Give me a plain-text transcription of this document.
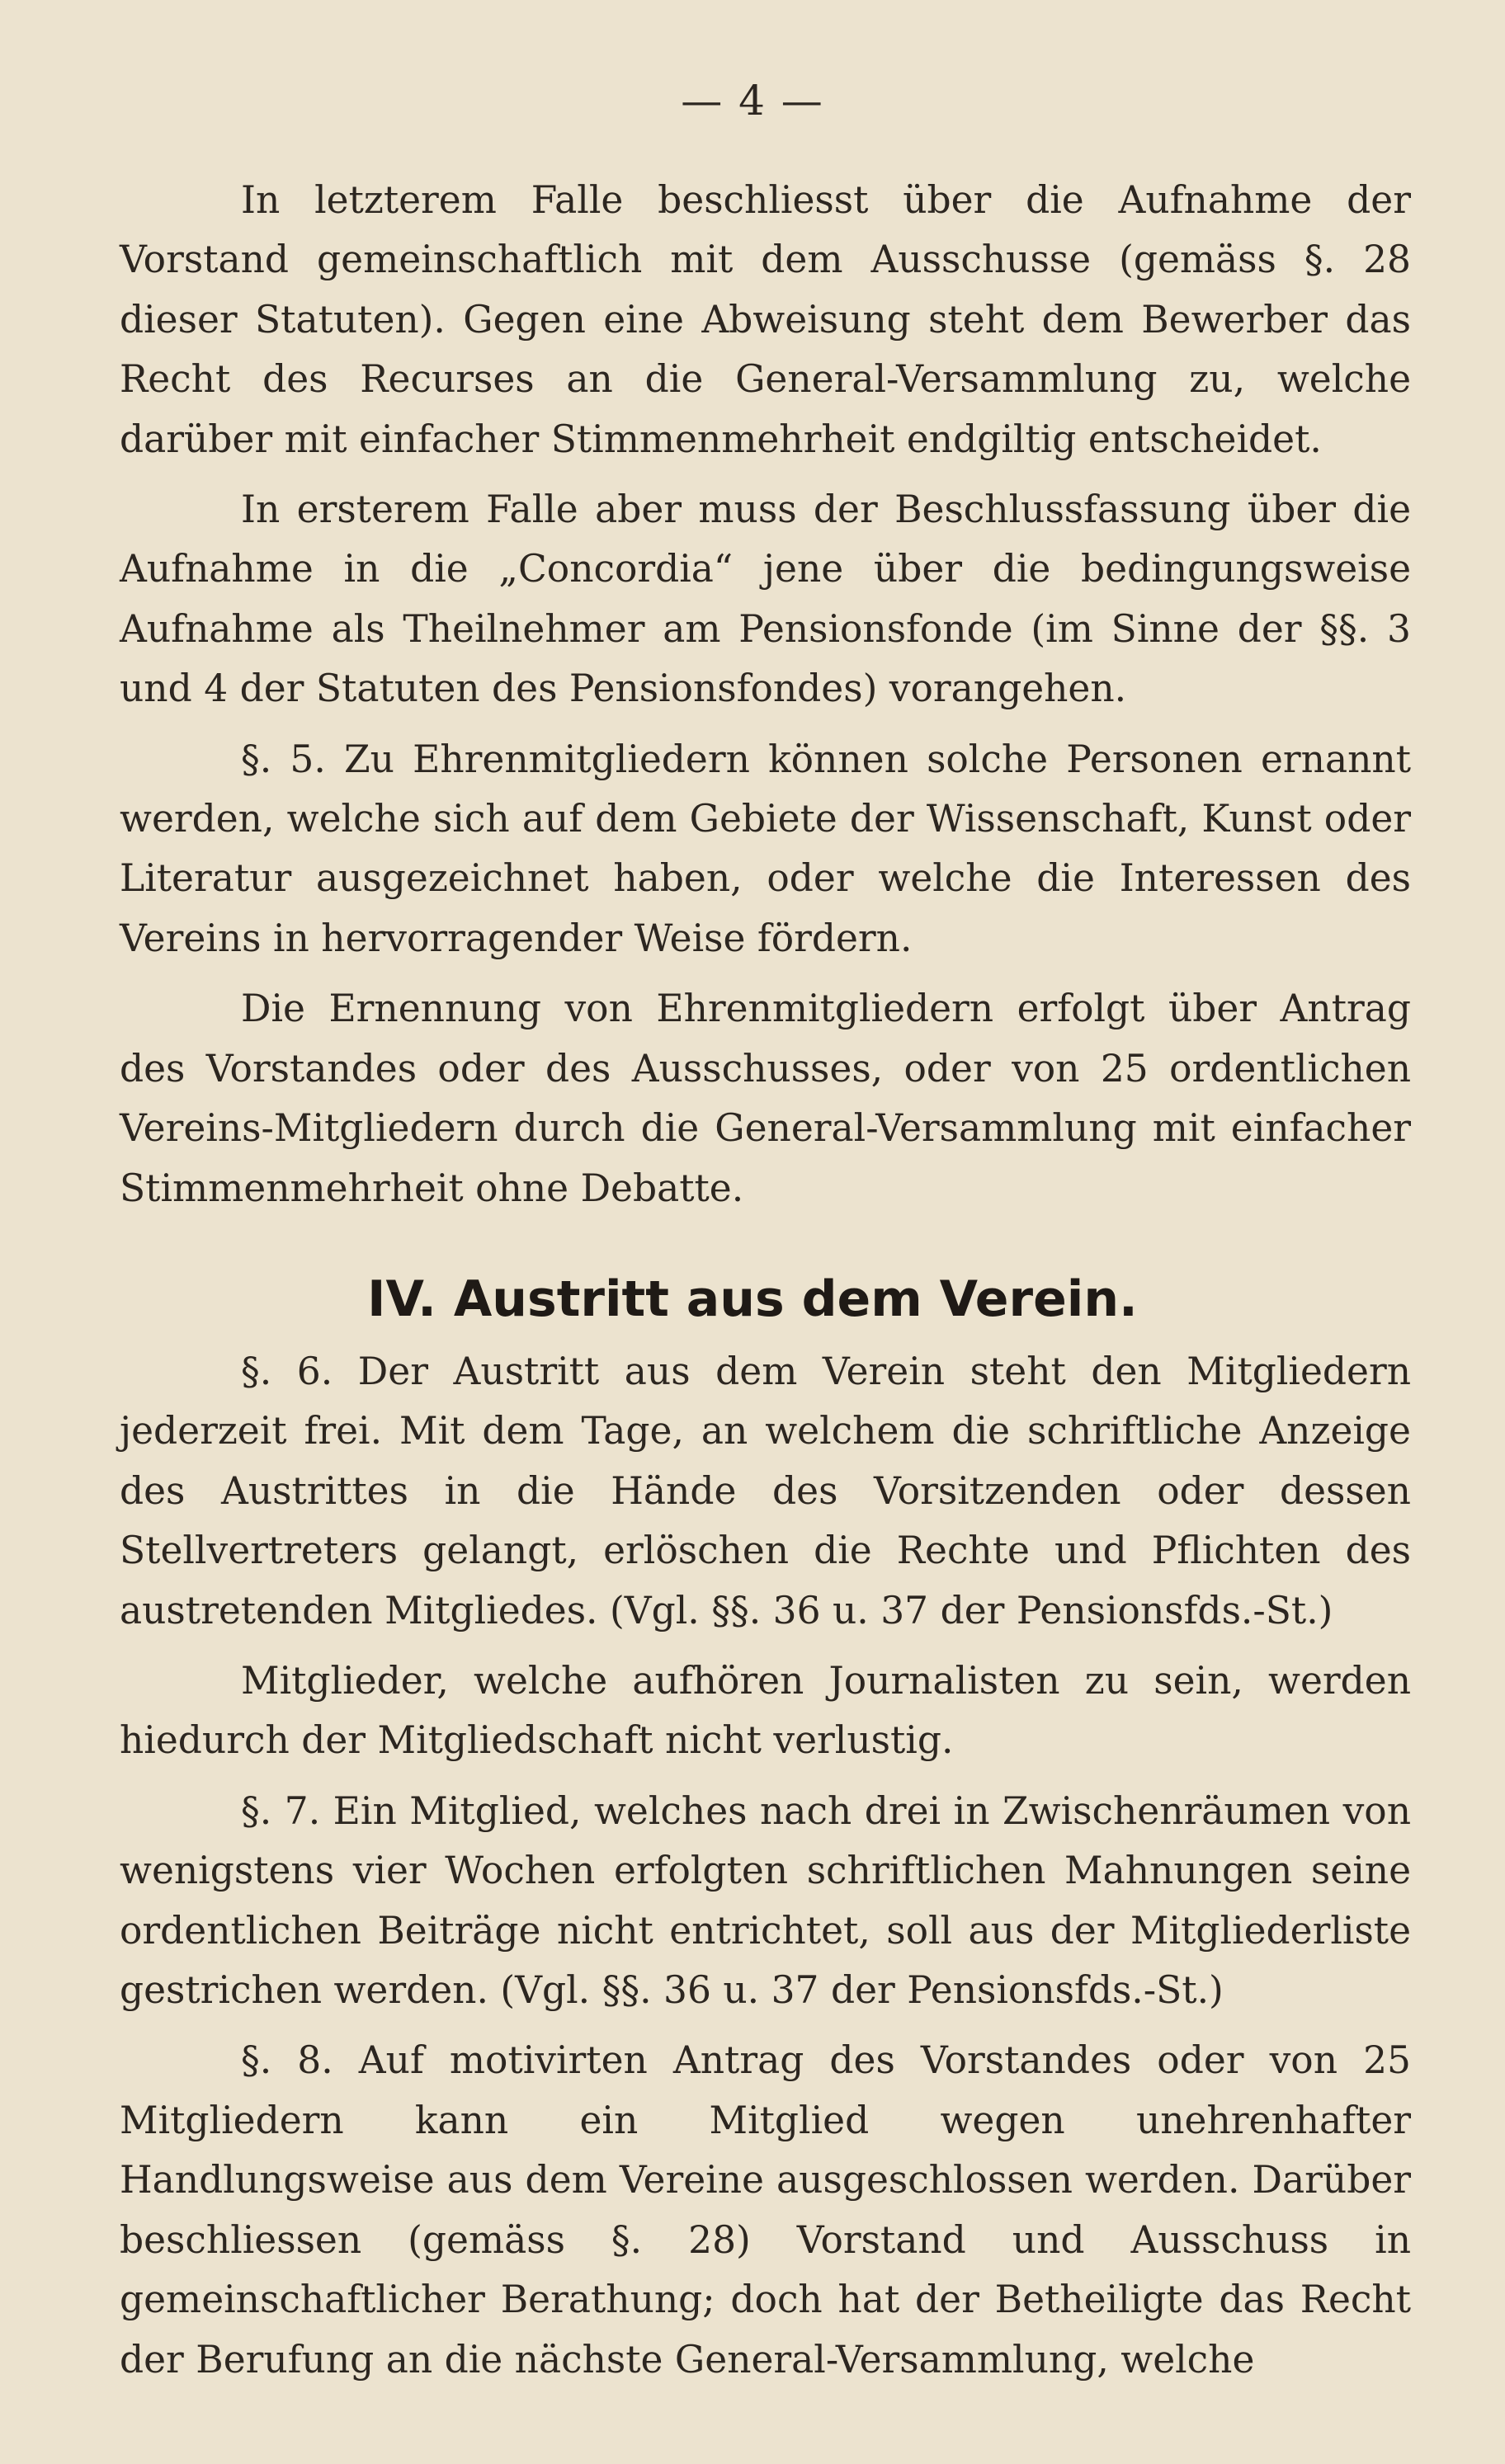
— 4 —

In letzterem Falle beschliesst über die Aufnahme der Vorstand gemeinschaftlich mit dem Ausschusse (gemäss §. 28 dieser Statuten). Gegen eine Abweisung steht dem Bewerber das Recht des Recurses an die General-Versammlung zu, welche darüber mit einfacher Stimmenmehrheit endgiltig entscheidet.

In ersterem Falle aber muss der Beschlussfassung über die Aufnahme in die „Concordia“ jene über die bedingungsweise Aufnahme als Theilnehmer am Pensionsfonde (im Sinne der §§. 3 und 4 der Statuten des Pensionsfondes) vorangehen.

§. 5. Zu Ehrenmitgliedern können solche Personen ernannt werden, welche sich auf dem Gebiete der Wissenschaft, Kunst oder Literatur ausgezeichnet haben, oder welche die Interessen des Vereins in hervorragender Weise fördern.

Die Ernennung von Ehrenmitgliedern erfolgt über Antrag des Vorstandes oder des Ausschusses, oder von 25 ordentlichen Vereins-Mitgliedern durch die General-Versammlung mit einfacher Stimmenmehrheit ohne Debatte.

IV. Austritt aus dem Verein.

§. 6. Der Austritt aus dem Verein steht den Mitgliedern jederzeit frei. Mit dem Tage, an welchem die schriftliche Anzeige des Austrittes in die Hände des Vorsitzenden oder dessen Stellvertreters gelangt, erlöschen die Rechte und Pflichten des austretenden Mitgliedes. (Vgl. §§. 36 u. 37 der Pensionsfds.-St.)

Mitglieder, welche aufhören Journalisten zu sein, werden hiedurch der Mitgliedschaft nicht verlustig.

§. 7. Ein Mitglied, welches nach drei in Zwischenräumen von wenigstens vier Wochen erfolgten schriftlichen Mahnungen seine ordentlichen Beiträge nicht entrichtet, soll aus der Mitgliederliste gestrichen werden. (Vgl. §§. 36 u. 37 der Pensionsfds.-St.)

§. 8. Auf motivirten Antrag des Vorstandes oder von 25 Mitgliedern kann ein Mitglied wegen unehrenhafter Handlungsweise aus dem Vereine ausgeschlossen werden. Darüber beschliessen (gemäss §. 28) Vorstand und Ausschuss in gemeinschaftlicher Berathung; doch hat der Betheiligte das Recht der Berufung an die nächste General-Versammlung, welche
